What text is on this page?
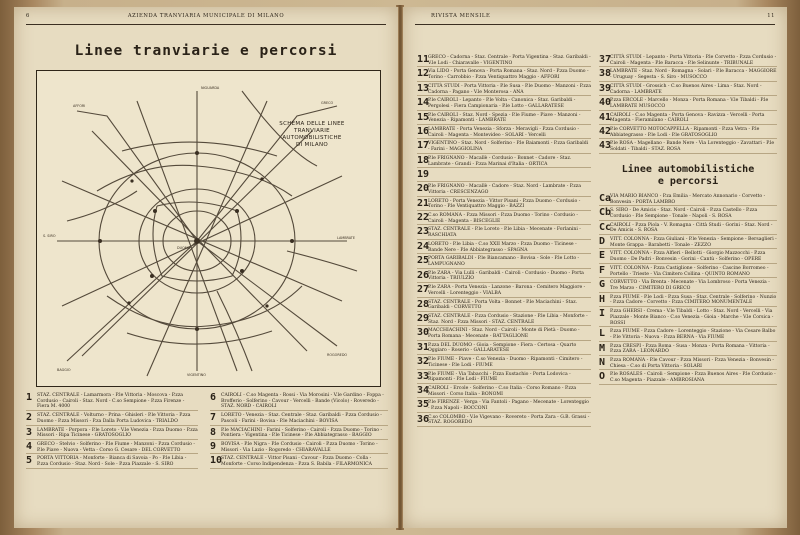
6	AZIENDA TRANVIARIA MUNICIPALE DI MILANO
Linee tranviarie e percorsi
AFFORI
GRECO
ROGOREDO
BAGGIO
NIGUARDA
LAMBRATE
S. SIRO
VIGENTINO
DUOMO
SCHEMA DELLE LINEE TRANVIARIE
AUTOMOBILISTICHE
DI MILANO
1 STAZ. CENTRALE - Lamarmora - P.le Vittoria - Moscova - P.zza Cordusio - Cairoli - Staz. Nord - C.so Sempione - P.zza Firenze - Fiera M. 4000
2 STAZ. CENTRALE - Volturno - Prina - Ghisleri - P.le Vittoria - P.zza Duomo - P.zza Missori - P.za Dalla Porta Ludovica - TRIALDO
3 LAMBRATE - Porpora - P.le Loreto - V.le Venezia - P.zza Duomo - P.zza Missori - Ripa Ticinese - GRATOSOGLIO
4 GRECO - Stelvio - Solferino - P.le Fiume - Manzoni - P.zza Cordusio - P.le Piave - Nuova - Vetta - Corso G. Cesare - DEL CORVETTO
5 PORTA VITTORIA - Monforte - Bianca di Savoia - Po - P.le Libia - P.zza Cordusio - Staz. Nord - Sole - P.zza Piazzale - S. SIRO
6 CAIROLI - C.so Magenta - Rossi - Via Morosini - V.le Gardino - Foppa - Brofferio - Solferino - Cavour - Vercelli - Bande (Vicolo) - Roveredo - STAZ. NORD - CAIROLI
7 LORETO - Venezia - Staz. Centrale - Staz. Garibaldi - P.zza Cordusio - Pascoli - Farini - Bovisa - P.le Maciachini - BOVISA
8 P.le MACIACHINI - Farini - Solferino - Cairoli - P.zza Duomo - Torino - Pontiera - Vigentina - P.le Ticinese - P.le Abbiategrasso - BAGGIO
9 BOVISA - P.le Nigra - P.le Cordusio - Cairoli - P.zza Duomo - Torino - Missori - Via Lazio - Rogoredo - CHIARAVALLE
10
STAZ. CENTRALE - Vittor Pisani - Cavour - P.zza Duomo - Colla - Monforte - Corso Indipendenza - P.zza S. Babila - FILARMONICA
RIVISTA MENSILE	11
11
GRECO - Cadorna - Staz. Centrale - Porta Vigentina - Staz. Garibaldi - V.le Lodi - Chiaravalle - VIGENTINO
12
Via LIDO - Porta Genova - Porta Romana - Staz. Nord - P.zza Duomo - Torino - Carrobbio - P.zza Ventiquattro Maggio - AFFORI
13
CITTÀ STUDI - Porta Vittoria - P.le Susa - P.le Duomo - Manzoni - P.zza Cadorna - Pagano - V.le Monterosa - ANA
14
P.le CAIROLI - Lepanto - P.le Volta - Canonica - Staz. Garibaldi - Pergolesi - Fiera Campionaria - P.le Lotto - GALLARATESE
15
P.le CAIROLI - Staz. Nord - Spezia - P.le Fiume - Piave - Manzoni - Venezia - Ripamonti - LAMBRATE
16
LAMBRATE - Porta Venezia - Sforza - Meravigli - P.zza Cordusio - Cairoli - Magenta - Montevideo - SOLARI - Vercelli
17
VIGENTINO - Staz. Nord - Solferino - P.le Baiamonti - P.zza Garibaldi - Farini - MAGGIOLINA
18
P.le FRIGNANO - Macallè - Cordusio - Bonnet - Cadore - Staz. Lambrate - Grandi - P.zza Marinai d'Italia - ORTICA
19
20
P.le FRIGNANO - Macallè - Cadore - Staz. Nord - Lambrate - P.zza Vittoria - CRESCENZAGO
21
LORETO - Porta Venezia - Vittor Pisani - P.zza Duomo - Cordusio - Torino - P.le Ventiquattro Maggio - BAZZI
22
C.so ROMANA - P.zza Missori - P.zza Duomo - Torino - Cordusio - Cairoli - Magenta - BISCEGLIE
23
STAZ. CENTRALE - P.le Loreto - P.le Libia - Mecenate - Forlanini - RASCHIATA
24
LORETO - P.le Libia - C.so XXII Marzo - P.zza Duomo - Ticinese - Bande Nere - P.le Abbiategrasso - SPAGNA
25
PORTA GARIBALDI - P.le Biancamano - Bovisa - Sole - P.le Lotto - LAMPUGNANO
26
P.le ZARA - Via Lulli - Garibaldi - Cairoli - Cordusio - Duomo - Porta Vittoria - TRIULZIO
27
P.le ZARA - Porta Venezia - Lanzone - Barona - Cemitero Maggiore - Vercelli - Lorenteggio - VIALBA
28
STAZ. CENTRALE - Porta Volta - Bonnet - P.le Maciachini - Staz. Garibaldi - CORVETTO
29
STAZ. CENTRALE - P.zza Cordusio - Stazione - P.le Libia - Monforte - Staz. Nord - P.zza Missori - STAZ. CENTRALE
30
MACCHIACHINI - Staz. Nord - Cairoli - Monte di Pietà - Duomo - Porta Romana - Mecenate - BATTAGLIONE
31
P.zza DEL DUOMO - Gioia - Sempione - Fiera - Certosa - Quarto Oggiaro - Roserio - GALLARATESE
32
P.le FIUME - Piave - C.so Venezia - Duomo - Ripamonti - Cimitero - Ticinese - P.le Lodi - FIUME
33
P.le FIUME - Via Tabacchi - P.zza Eustachio - Porta Lodovica - Ripamonti - P.le Lodi - FIUME
34
CAIROLI - Ercole - Solferino - C.so Italia - Corso Romano - P.zza Missori - Corso Italia - BONOMI
35
P.le FIRENZE - Verga - Via Fantoli - Pagano - Mecenate - Lorenteggio - P.zza Napoli - BOCCONI
36
C.so COLOMBO - V.le Vigevano - Rovereto - Porta Zara - G.B. Grassi - STAZ. ROGOREDO
37
CITTÀ STUDI - Lepanto - Porta Vittoria - P.le Corvetto - P.zza Cordusio - Cairoli - Magenta - P.le Baracca - P.le Selinunte - TRIBUNALE
38
LAMBRATE - Staz. Nord - Romagna - Solari - P.le Baracca - MAGGIORE - Uruguay - Segesta - S. Siro - MUSOCCO
39
CITTÀ STUDI - Grossich - C.so Buenos Aires - Lima - Staz. Nord - Cadorna - LAMBRATE
40
P.zza ERCOLE - Marcello - Monza - Porta Romana - V.le Tibaldi - P.le LAMBRATE MUSOCCO
41
CAIROLI - C.so Magenta - Porta Genova - Ravizza - Vercelli - Porta Magenta - Fieramilano - CAIROLI
42
P.le CORVETTO MOTOCAPPELLA - Ripamonti - P.zza Vetra - P.le Abbiategrasso - P.le Lodi - P.le GRATOSOGLIO
43
P.le ROSA - Magellano - Bande Nere - Via Lorenteggio - Zavattari - P.le Soldati - Tibaldi - STAZ. ROSA
Linee automobilistiche
e percorsi
Ca
VIA MARIO BIANCO - P.za Emilia - Mercato Annonario - Corvetto - Bonvesin - PORTA LAMBRO
Cb
S. SIRO - De Amicis - Staz. Nord - Cairoli - P.zza Castello - P.zza Cordusio - P.le Sempione - Tonale - Napoli - S. ROSA
Cc
CAIROLI - P.zza Piola - V. Romagna - Città Studi - Gorini - Staz. Nord - De Amicis - S. ROSA
D VITT. COLONNA - P.zza Giuliani - P.le Venezia - Sempione - Bersaglieri - Monte Grappa - Barabetti - Tonale - ZEZZO
E VITT. COLONNA - P.zza Alfieri - Bellotti - Giorgio Mazzocchi - P.zza Duomo - De Padri - Bonvesin - Gorini - Cantù - Solferino - OPERE
F VITT. COLONNA - P.zza Castiglione - Solferino - Cascine Borromeo - Portello - Trieste - Via Cimitero Collina - QUINTO ROMANO
G CORVETTO - Via Brenta - Mecenate - Via Lombroso - Porta Venezia - Tre Marzo - CIMITERO DI GRECO
H P.zza FIUME - P.le Lodi - P.zza Susa - Staz. Centrale - Solferino - Nunzio - P.zza Cadore - Corvetto - P.zza CIMITERO MONUMENTALE
I P.zza GHERSI - Crema - V.le Tibaldi - Lotto - Staz. Nord - Vercelli - Via Piazzale - Monte Bianco - C.so Venezia - Gioia - Marche - V.le Corsica - ROSSI
L P.zza FIUME - P.zza Cadore - Lorenteggio - Stazione - Via Cesare Balbo - P.le Vittoria - Nuova - P.zza BERNA - Via FIUME
M P.zza CRESPI - P.zza Roma - Susa - Monza - Porta Romana - Vittoria - P.zza ZARA - LEONARDO
N P.zza ROMANA - P.le Cavour - P.zza Missori - P.zza Venezia - Bonvesin - Chiesa - C.so di Porta Vittoria - SOLARI
O P.le ROSALES - Cairoli - Sempione - P.zza Buenos Aires - P.le Cordusio - C.so Magenta - Piazzale - AMBROSIANA
